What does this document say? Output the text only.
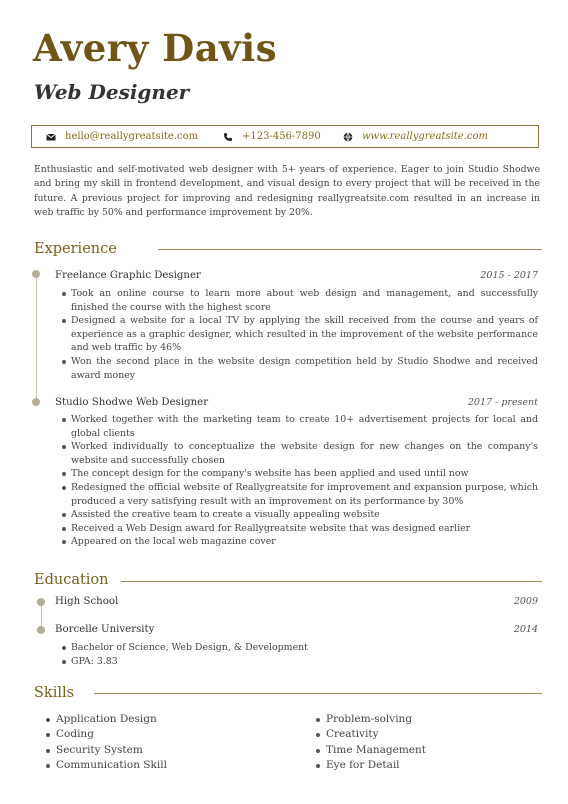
Avery Davis
Web Designer
hello@reallygreatsite.com	+123-456-7890	www.reallygreatsite.com

Enthusiastic and self-motivated web designer with 5+ years of experience. Eager to join Studio Shodwe and bring my skill in frontend development, and visual design to every project that will be received in the future. A previous project for improving and redesigning reallygreatsite.com resulted in an increase in web traffic by 50% and performance improvement by 20%.

Experience
Freelance Graphic Designer	2015 - 2017
Took an online course to learn more about web design and management, and successfully finished the course with the highest score
Designed a website for a local TV by applying the skill received from the course and years of experience as a graphic designer, which resulted in the improvement of the website performance and web traffic by 46%
Won the second place in the website design competition held by Studio Shodwe and received award money
Studio Shodwe Web Designer	2017 - present
Worked together with the marketing team to create 10+ advertisement projects for local and global clients
Worked individually to conceptualize the website design for new changes on the company's website and successfully chosen
The concept design for the company's website has been applied and used until now
Redesigned the official website of Reallygreatsite for improvement and expansion purpose, which produced a very satisfying result with an improvement on its performance by 30%
Assisted the creative team to create a visually appealing website
Received a Web Design award for Reallygreatsite website that was designed earlier
Appeared on the local web magazine cover
Education
High School	2009
Borcelle University	2014
Bachelor of Science, Web Design, & Development
GPA: 3.83
Skills
Application Design
Coding
Security System
Communication Skill
Problem-solving
Creativity
Time Management
Eye for Detail
